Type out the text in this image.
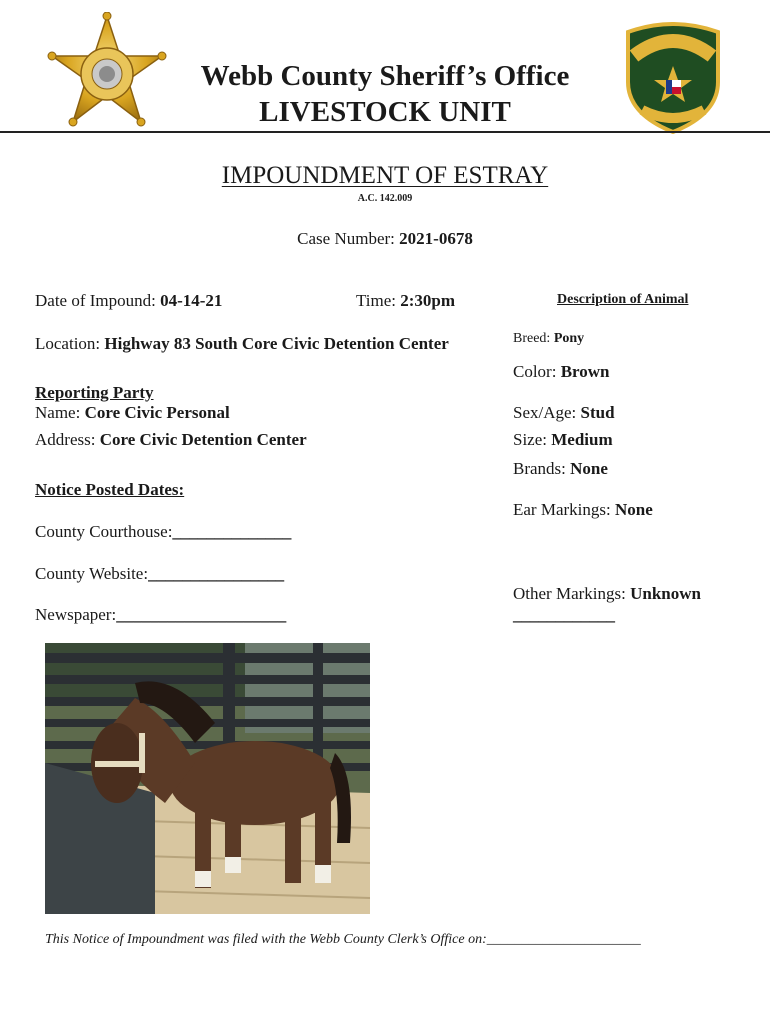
Webb County Sheriff’s Office
LIVESTOCK UNIT
IMPOUNDMENT OF ESTRAY
A.C. 142.009
Case Number: 2021-0678
Date of Impound: 04-14-21	Time: 2:30pm
Location: Highway 83 South Core Civic Detention Center
Reporting Party
Name: Core Civic Personal
Address: Core Civic Detention Center
Notice Posted Dates:
County Courthouse:______________
County Website:________________
Newspaper:____________________
Description of Animal
Breed: Pony
Color: Brown
Sex/Age: Stud
Size: Medium
Brands: None
Ear Markings: None
Other Markings: Unknown
____________
This Notice of Impoundment was filed with the Webb County Clerk’s Office on:______________________
